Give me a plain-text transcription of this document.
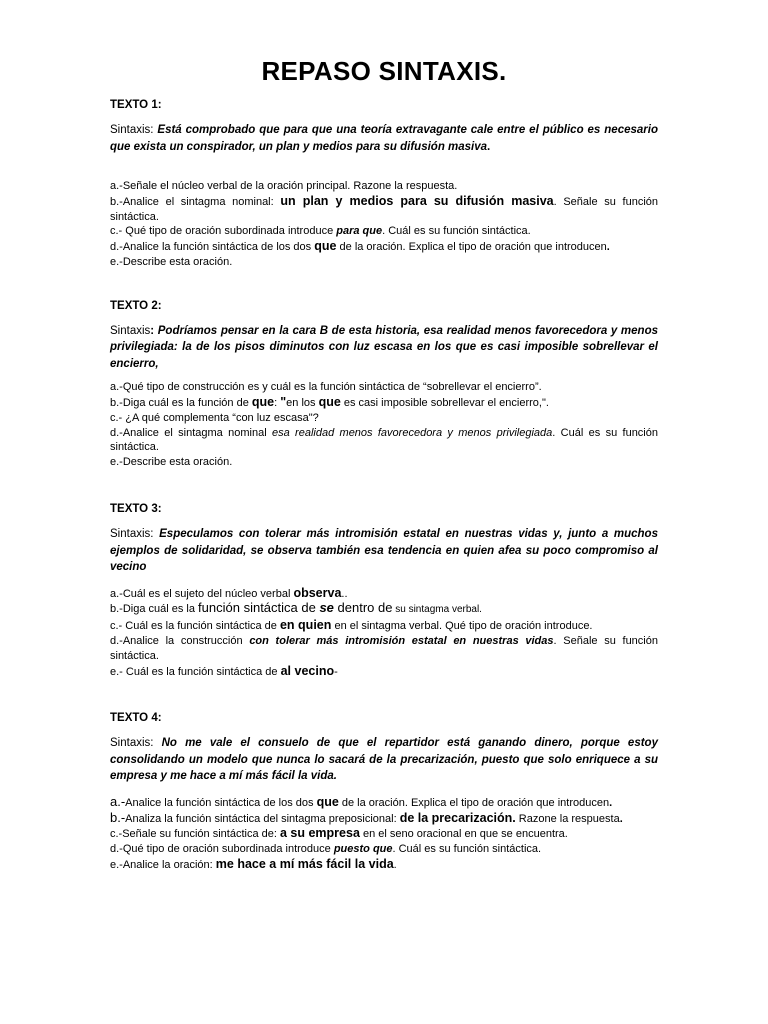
REPASO SINTAXIS.
TEXTO 1:

Sintaxis: Está comprobado que para que una teoría extravagante cale entre el público es necesario que exista un conspirador, un plan y medios para su difusión masiva.

a.-Señale el núcleo verbal de la oración principal. Razone la respuesta.
b.-Analice el sintagma nominal: un plan y medios para su difusión masiva. Señale su función sintáctica.
c.- Qué tipo de oración subordinada introduce para que. Cuál es su función sintáctica.
d.-Analice la función sintáctica de los dos que de la oración. Explica el tipo de oración que introducen.
e.-Describe esta oración.
TEXTO 2:

Sintaxis: Podríamos pensar en la cara B de esta historia, esa realidad menos favorecedora y menos privilegiada: la de los pisos diminutos con luz escasa en los que es casi imposible sobrellevar el encierro,

a.-Qué tipo de construcción es y cuál es la función sintáctica de “sobrellevar el encierro”.
b.-Diga cuál es la función de que: "en los que es casi imposible sobrellevar el encierro,".
c.- ¿A qué complementa “con luz escasa"?
d.-Analice el sintagma nominal esa realidad menos favorecedora y menos privilegiada. Cuál es su función sintáctica.
e.-Describe esta oración.
TEXTO 3:

Sintaxis: Especulamos con tolerar más intromisión estatal en nuestras vidas y, junto a muchos ejemplos de solidaridad, se observa también esa tendencia en quien afea su poco compromiso al vecino

a.-Cuál es el sujeto del núcleo verbal observa..
b.-Diga cuál es la función sintáctica de se dentro de su sintagma verbal.
c.- Cuál es la función sintáctica de en quien en el sintagma verbal. Qué tipo de oración introduce.
d.-Analice la construcción con tolerar más intromisión estatal en nuestras vidas. Señale su función sintáctica.
e.- Cuál es la función sintáctica de al vecino-
TEXTO 4:

Sintaxis: No me vale el consuelo de que el repartidor está ganando dinero, porque estoy consolidando un modelo que nunca lo sacará de la precarización, puesto que solo enriquece a su empresa y me hace a mí más fácil la vida.

a.-Analice la función sintáctica de los dos que de la oración. Explica el tipo de oración que introducen.
b.-Analiza la función sintáctica del sintagma preposicional: de la precarización. Razone la respuesta.
c.-Señale su función sintáctica de: a su empresa en el seno oracional en que se encuentra.
d.-Qué tipo de oración subordinada introduce puesto que. Cuál es su función sintáctica.
e.-Analice la oración: me hace a mí más fácil la vida.
